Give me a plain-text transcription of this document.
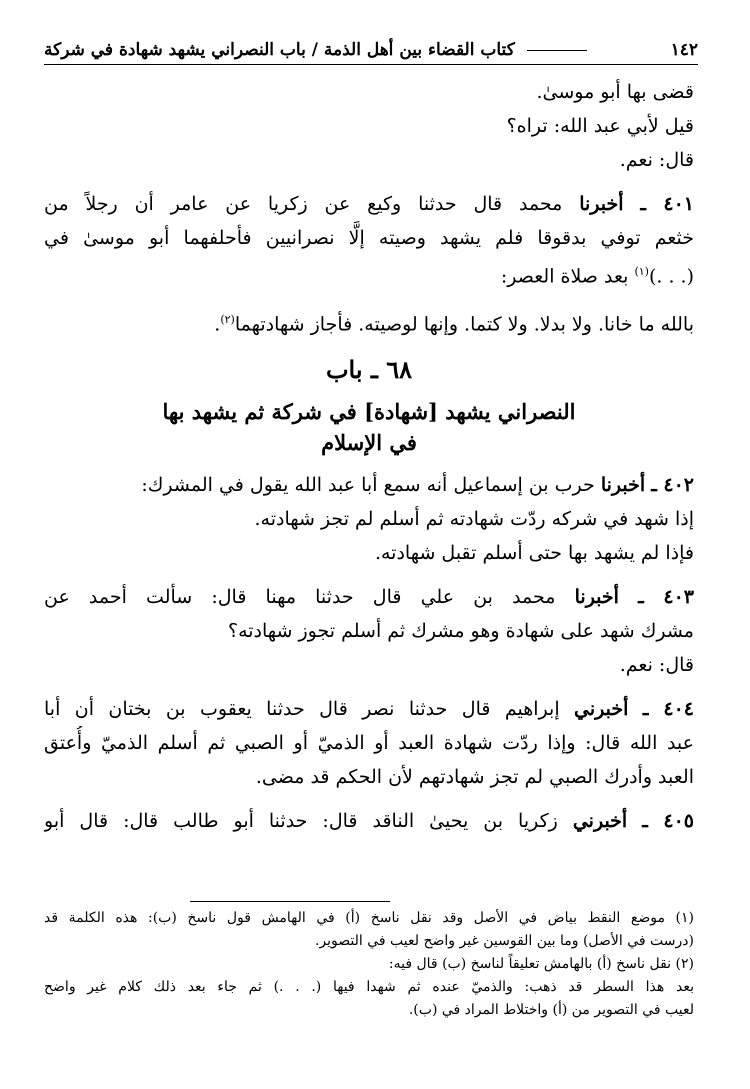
١٤٢
كتاب القضاء بين أهل الذمة / باب النصراني يشهد شهادة في شركة
قضى بها أبو موسىٰ.
قيل لأبي عبد الله: تراه؟
قال: نعم.
٤٠١ ـ أخبرنا محمد قال حدثنا وكيع عن زكريا عن عامر أن رجلاً من
خثعم توفي بدقوقا فلم يشهد وصيته إلَّا نصرانيين فأحلفهما أبو موسىٰ في
(. . .)$^{(١)}$ بعد صلاة العصر:
بالله ما خانا. ولا بدلا. ولا كتما. وإنها لوصيته. فأجاز شهادتهما$^{(٢)}$.
٦٨ ـ باب
النصراني يشهد [شهادة] في شركة ثم يشهد بها
في الإسلام
٤٠٢ ـ أخبرنا حرب بن إسماعيل أنه سمع أبا عبد الله يقول في المشرك:
إذا شهد في شركه ردّت شهادته ثم أسلم لم تجز شهادته.
فإذا لم يشهد بها حتى أسلم تقبل شهادته.
٤٠٣ ـ أخبرنا محمد بن علي قال حدثنا مهنا قال: سألت أحمد عن
مشرك شهد على شهادة وهو مشرك ثم أسلم تجوز شهادته؟
قال: نعم.
٤٠٤ ـ أخبرني إبراهيم قال حدثنا نصر قال حدثنا يعقوب بن بختان أن أبا
عبد الله قال: وإذا ردّت شهادة العبد أو الذميّ أو الصبي ثم أسلم الذميّ وأُعتق
العبد وأدرك الصبي لم تجز شهادتهم لأن الحكم قد مضى.
٤٠٥ ـ أخبرني زكريا بن يحيىٰ الناقد قال: حدثنا أبو طالب قال: قال أبو
(١) موضع النقط بياض في الأصل وقد نقل ناسخ (أ) في الهامش قول ناسخ (ب): هذه الكلمة قد
(درست في الأصل) وما بين القوسين غير واضح لعيب في التصوير.
(٢) نقل ناسخ (أ) بالهامش تعليقاً لناسخ (ب) قال فيه:
بعد هذا السطر قد ذهب: والذميّ عنده ثم شهدا فيها (. . .) ثم جاء بعد ذلك كلام غير واضح
لعيب في التصوير من (أ) واختلاط المراد في (ب).
